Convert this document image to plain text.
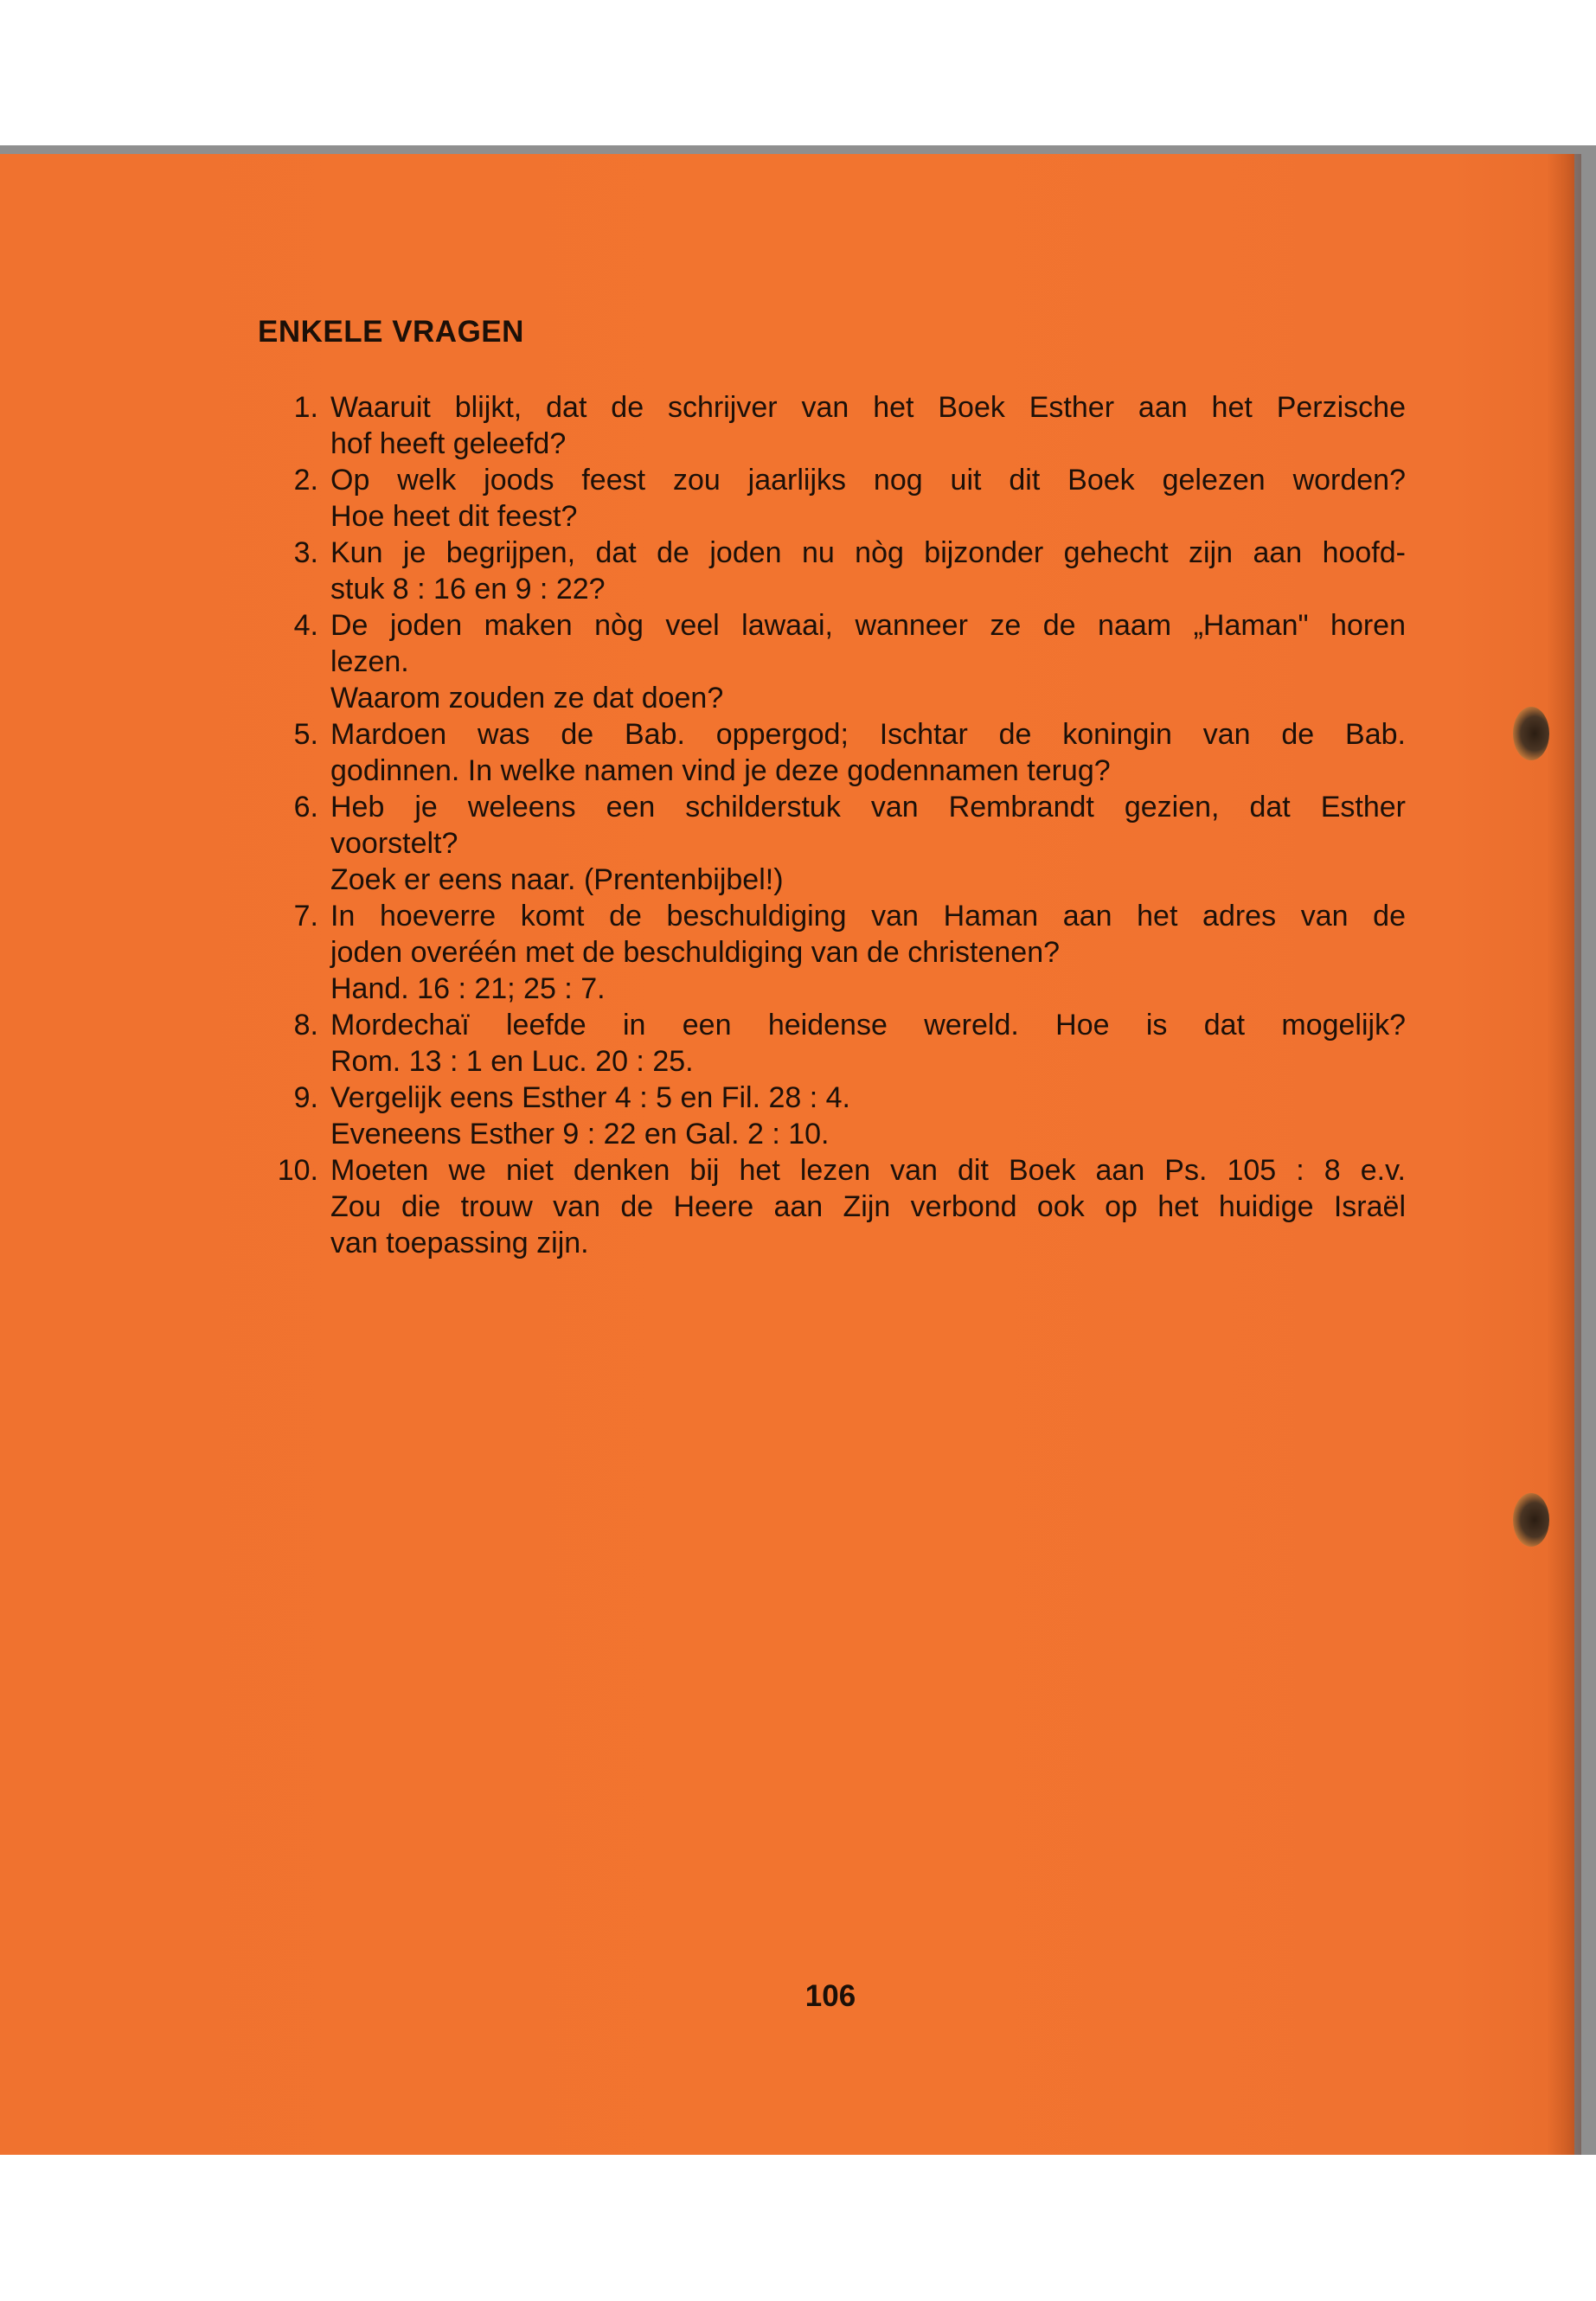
ENKELE VRAGEN
1. Waaruit blijkt, dat de schrijver van het Boek Esther aan het Perzische
hof heeft geleefd?
2. Op welk joods feest zou jaarlijks nog uit dit Boek gelezen worden?
Hoe heet dit feest?
3. Kun je begrijpen, dat de joden nu nòg bijzonder gehecht zijn aan hoofd-
stuk 8 : 16 en 9 : 22?
4. De joden maken nòg veel lawaai, wanneer ze de naam „Haman" horen
lezen.
Waarom zouden ze dat doen?
5. Mardoen was de Bab. oppergod; Ischtar de koningin van de Bab.
godinnen. In welke namen vind je deze godennamen terug?
6. Heb je weleens een schilderstuk van Rembrandt gezien, dat Esther
voorstelt?
Zoek er eens naar. (Prentenbijbel!)
7. In hoeverre komt de beschuldiging van Haman aan het adres van de
joden overéén met de beschuldiging van de christenen?
Hand. 16 : 21; 25 : 7.
8. Mordechaï leefde in een heidense wereld. Hoe is dat mogelijk?
Rom. 13 : 1 en Luc. 20 : 25.
9. Vergelijk eens Esther 4 : 5 en Fil. 28 : 4.
Eveneens Esther 9 : 22 en Gal. 2 : 10.
10. Moeten we niet denken bij het lezen van dit Boek aan Ps. 105 : 8 e.v.
Zou die trouw van de Heere aan Zijn verbond ook op het huidige Israël
van toepassing zijn.
106
